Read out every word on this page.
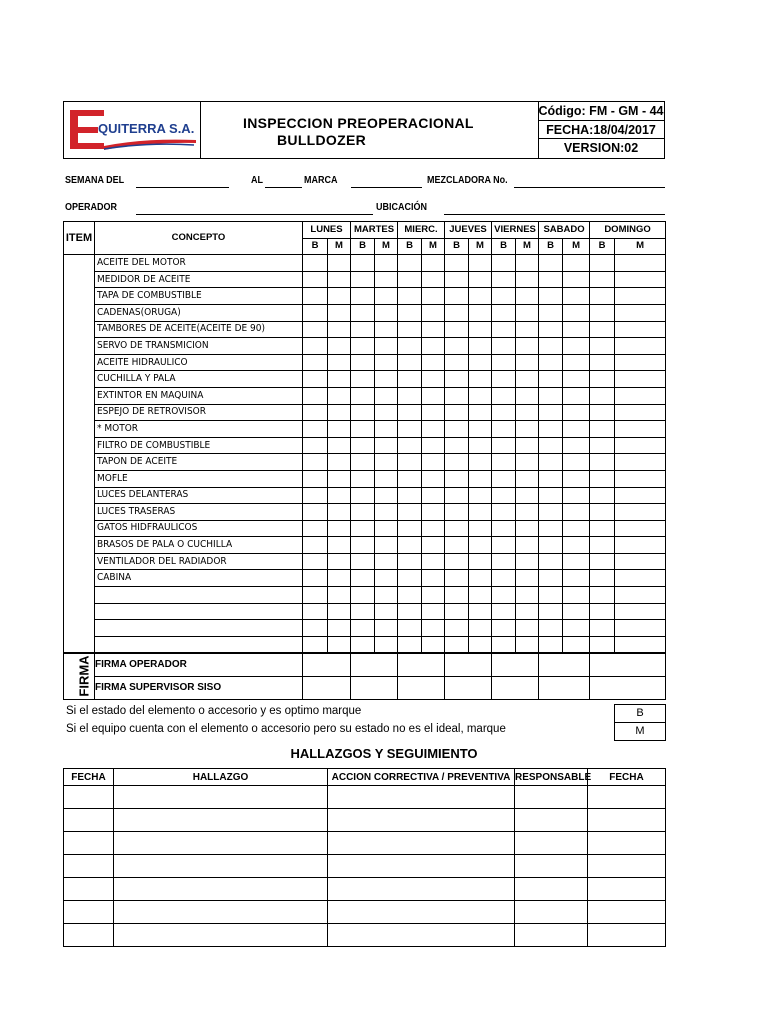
QUITERRA S.A.	INSPECCION PREOPERACIONAL
BULLDOZER
Código: FM - GM - 44
FECHA:18/04/2017
VERSION:02
SEMANA DEL	AL	MARCA	MEZCLADORA No.
OPERADOR	UBICACIÓN
ITEM	CONCEPTO	LUNES		MARTES		MIERC.		JUEVES		VIERNES		SABADO		DOMINGO	
		B	M	B	M	B	M	B	M	B	M	B	M	B	M
	ACEITE DEL MOTOR														
	MEDIDOR DE ACEITE														
	TAPA DE COMBUSTIBLE														
	CADENAS(ORUGA)														
	TAMBORES DE ACEITE(ACEITE DE 90)														
	SERVO DE TRANSMICION														
	ACEITE HIDRAULICO														
	CUCHILLA Y PALA														
	EXTINTOR EN MAQUINA														
	ESPEJO DE RETROVISOR														
	* MOTOR														
	FILTRO DE COMBUSTIBLE														
	TAPON DE ACEITE														
	MOFLE														
	LUCES DELANTERAS														
	LUCES TRASERAS														
	GATOS HIDFRAULICOS														
	BRASOS DE PALA O CUCHILLA														
	VENTILADOR DEL RADIADOR														
	CABINA														

FIRMA	FIRMA OPERADOR														
	FIRMA SUPERVISOR SISO														
Si el estado del elemento o accesorio y es optimo marque	B
Si el equipo cuenta con el elemento o accesorio pero su estado no es el ideal, marque	M
HALLAZGOS Y SEGUIMIENTO
FECHA	HALLAZGO	ACCION CORRECTIVA / PREVENTIVA	RESPONSABLE	FECHA
